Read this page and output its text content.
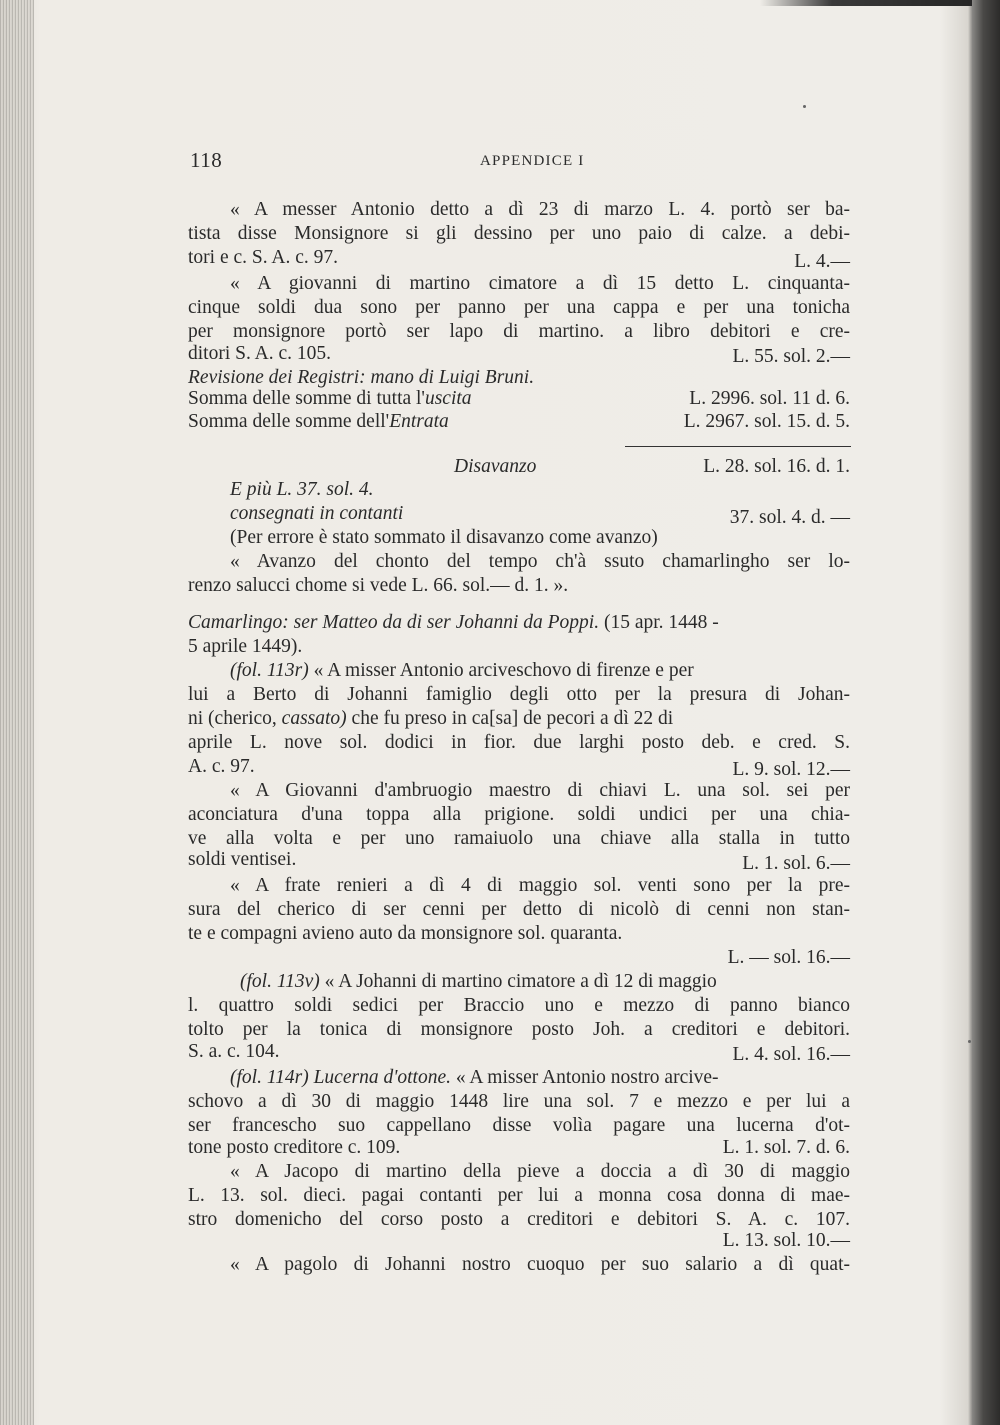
118	APPENDICE I
« A messer Antonio detto a dì 23 di marzo L. 4. portò ser ba-
tista disse Monsignore si gli dessino per uno paio di calze. a debi-
tori e c. S. A. c. 97.	L. 4.—
« A giovanni di martino cimatore a dì 15 detto L. cinquanta-
cinque soldi dua sono per panno per una cappa e per una tonicha
per monsignore portò ser lapo di martino. a libro debitori e cre-
ditori S. A. c. 105.	L. 55. sol. 2.—
Revisione dei Registri: mano di Luigi Bruni.
Somma delle somme di tutta l'uscita	L. 2996. sol. 11 d. 6.
Somma delle somme dell'Entrata	L. 2967. sol. 15. d. 5.
Disavanzo	L. 28. sol. 16. d. 1.
E più L. 37. sol. 4.
consegnati in contanti	37. sol. 4. d. —
(Per errore è stato sommato il disavanzo come avanzo)
« Avanzo del chonto del tempo ch'à ssuto chamarlingho ser lo-
renzo salucci chome si vede L. 66. sol.— d. 1. ».
Camarlingo: ser Matteo da di ser Johanni da Poppi. (15 apr. 1448 -
5 aprile 1449).
(fol. 113r) « A misser Antonio arciveschovo di firenze e per
lui a Berto di Johanni famiglio degli otto per la presura di Johan-
ni (cherico, cassato) che fu preso in ca[sa] de pecori a dì 22 di
aprile L. nove sol. dodici in fior. due larghi posto deb. e cred. S.
A. c. 97.	L. 9. sol. 12.—
« A Giovanni d'ambruogio maestro di chiavi L. una sol. sei per
aconciatura d'una toppa alla prigione. soldi undici per una chia-
ve alla volta e per uno ramaiuolo una chiave alla stalla in tutto
soldi ventisei.	L. 1. sol. 6.—
« A frate renieri a dì 4 di maggio sol. venti sono per la pre-
sura del cherico di ser cenni per detto di nicolò di cenni non stan-
te e compagni avieno auto da monsignore sol. quaranta.
L. — sol. 16.—
(fol. 113v) « A Johanni di martino cimatore a dì 12 di maggio
l. quattro soldi sedici per Braccio uno e mezzo di panno bianco
tolto per la tonica di monsignore posto Joh. a creditori e debitori.
S. a. c. 104.	L. 4. sol. 16.—
(fol. 114r) Lucerna d'ottone. « A misser Antonio nostro arcive-
schovo a dì 30 di maggio 1448 lire una sol. 7 e mezzo e per lui a
ser francescho suo cappellano disse volìa pagare una lucerna d'ot-
tone posto creditore c. 109.	L. 1. sol. 7. d. 6.
« A Jacopo di martino della pieve a doccia a dì 30 di maggio
L. 13. sol. dieci. pagai contanti per lui a monna cosa donna di mae-
stro domenicho del corso posto a creditori e debitori S. A. c. 107.
L. 13. sol. 10.—
« A pagolo di Johanni nostro cuoquo per suo salario a dì quat-
